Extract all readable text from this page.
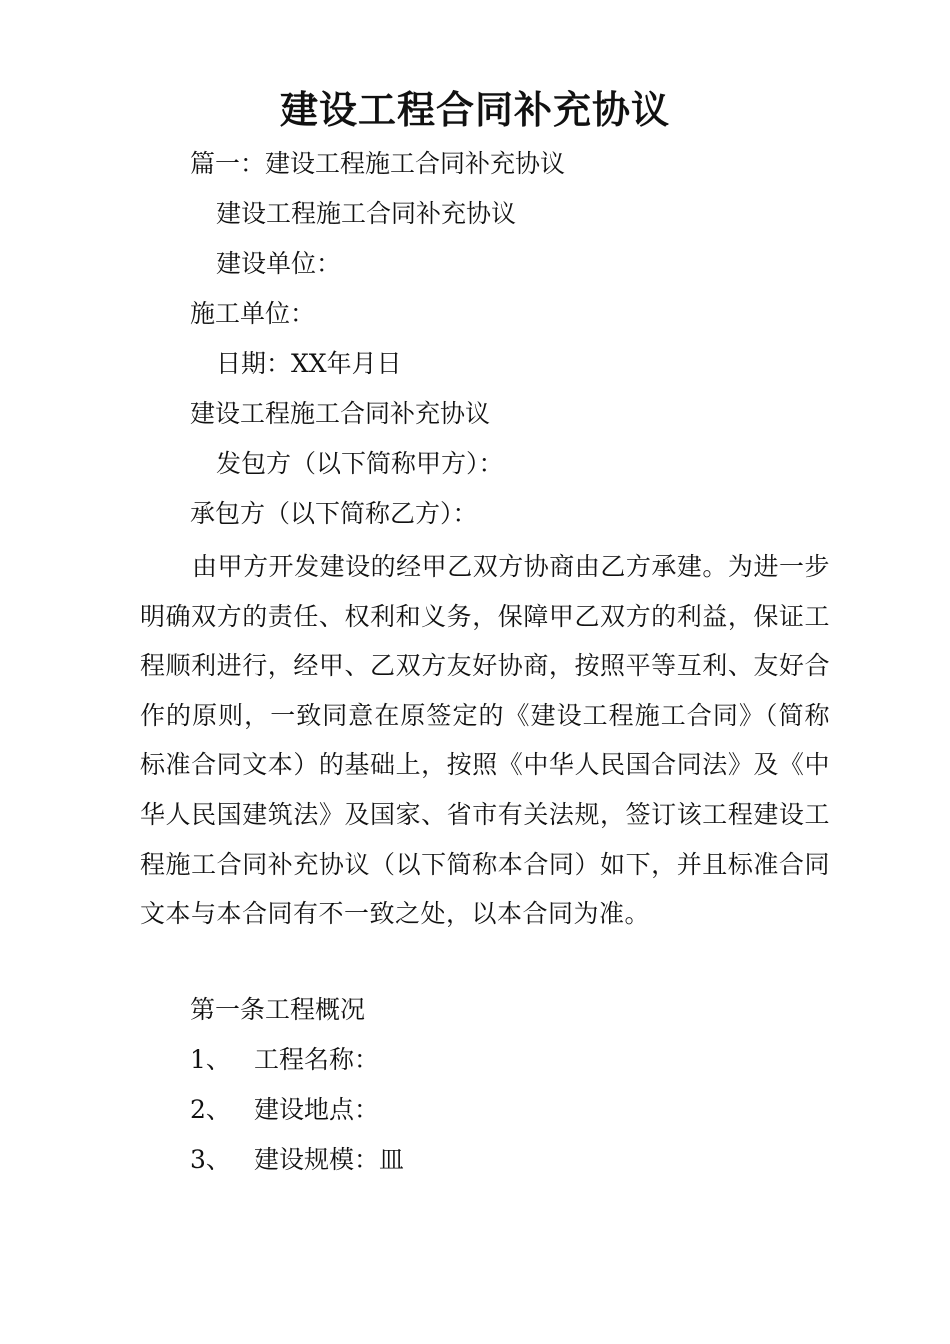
建设工程合同补充协议
篇一：建设工程施工合同补充协议
建设工程施工合同补充协议
建设单位：
施工单位：
日期：XX年月日
建设工程施工合同补充协议
发包方（以下简称甲方）：
承包方（以下简称乙方）：
由甲方开发建设的经甲乙双方协商由乙方承建。为进一步明确双方的责任、权利和义务，保障甲乙双方的利益，保证工程顺利进行，经甲、乙双方友好协商，按照平等互利、友好合作的原则，一致同意在原签定的《建设工程施工合同》（简称标准合同文本）的基础上，按照《中华人民国合同法》及《中华人民国建筑法》及国家、省市有关法规，签订该工程建设工程施工合同补充协议（以下简称本合同）如下，并且标准合同文本与本合同有不一致之处，以本合同为准。
第一条工程概况
1、 工程名称：
2、 建设地点：
3、 建设规模：皿
